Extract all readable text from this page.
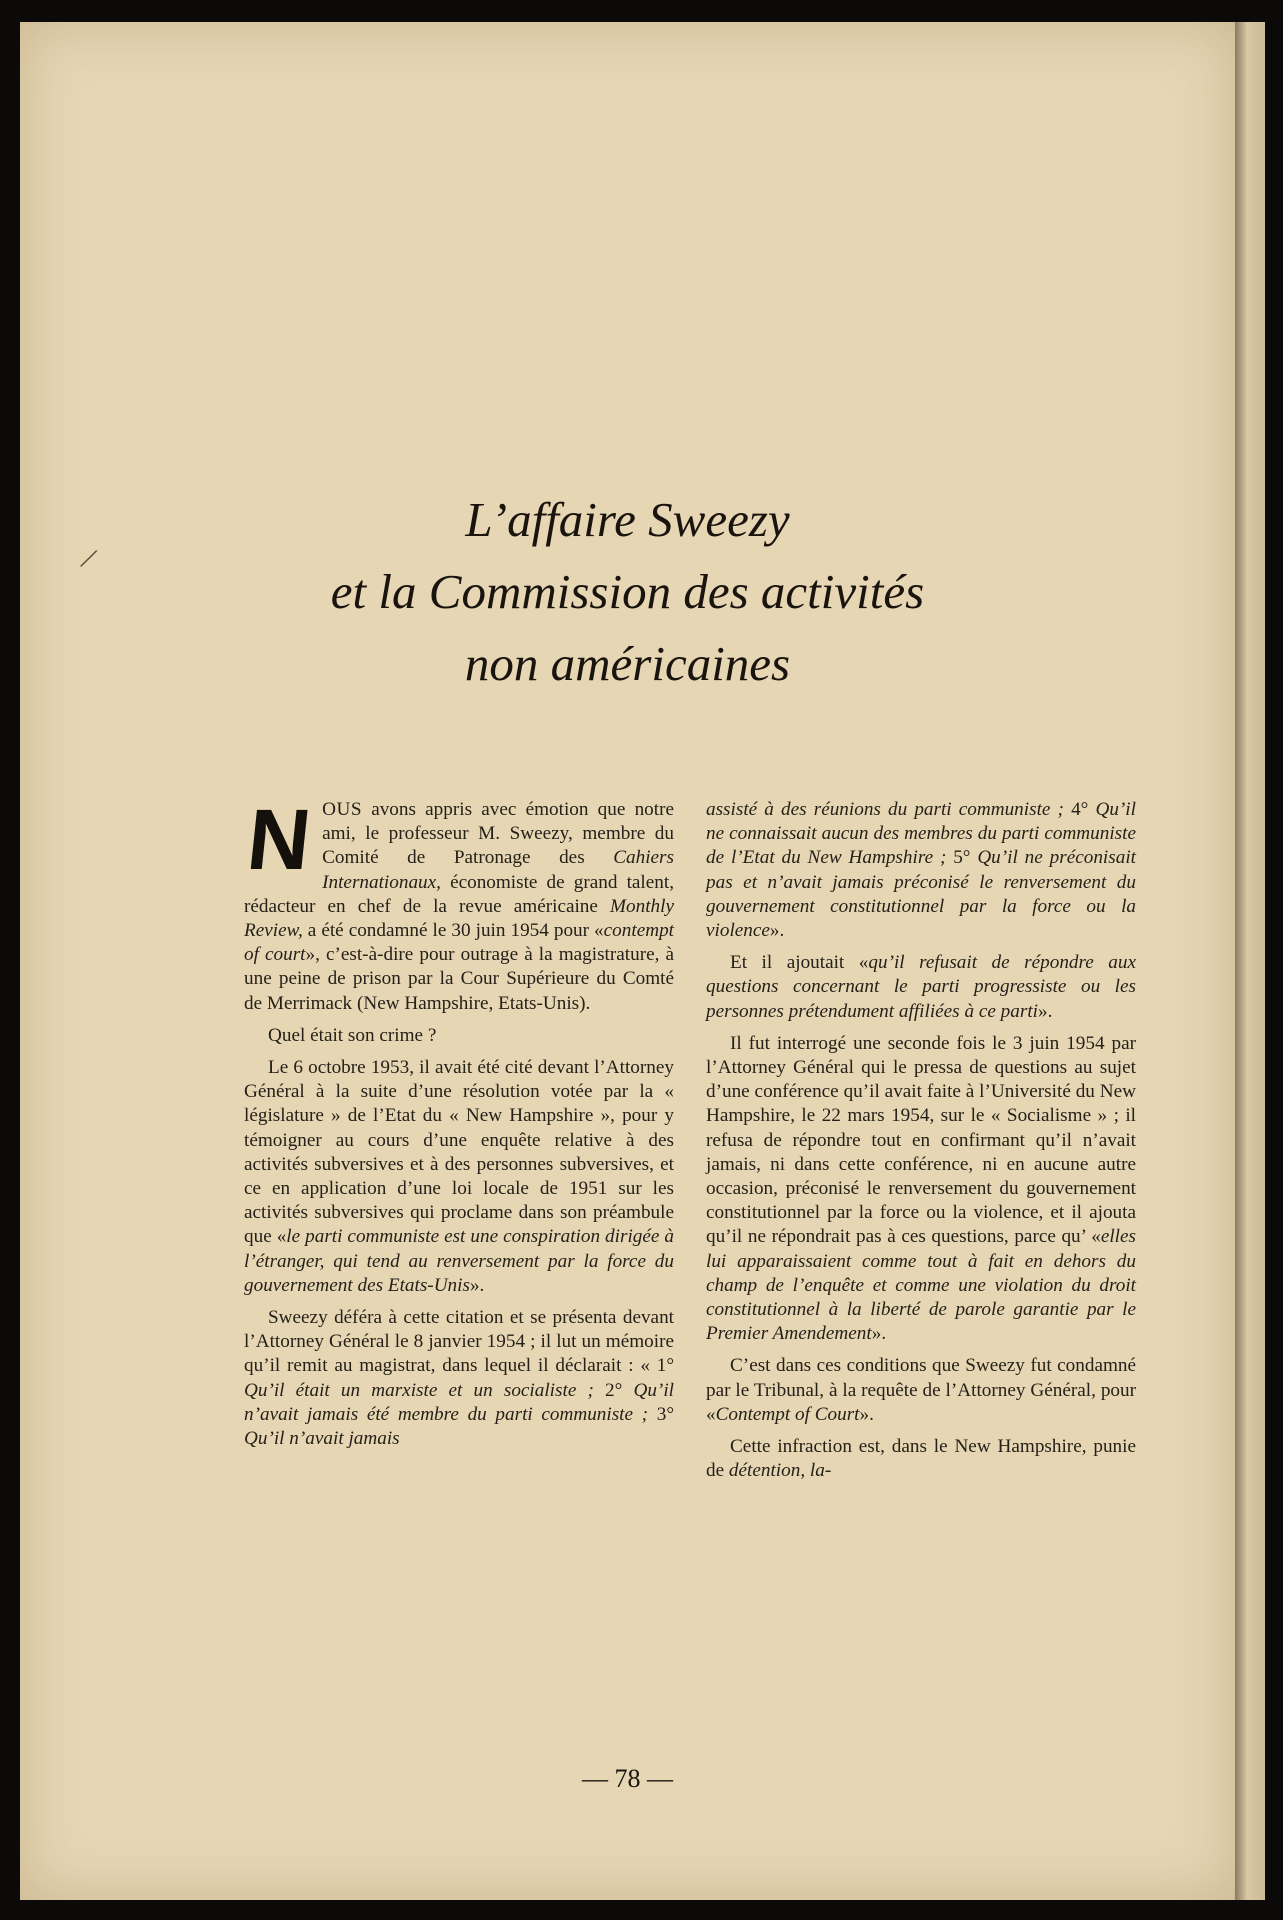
/
L’affaire Sweezy
et la Commission des activités
non américaines

NOUS avons appris avec émotion que notre ami, le professeur M. Sweezy, membre du Comité de Patronage des Cahiers Internationaux, économiste de grand talent, rédacteur en chef de la revue américaine Monthly Review, a été condamné le 30 juin 1954 pour «contempt of court», c’est-à-dire pour outrage à la magistrature, à une peine de prison par la Cour Supérieure du Comté de Merrimack (New Hampshire, Etats-Unis).

Quel était son crime ?

Le 6 octobre 1953, il avait été cité devant l’Attorney Général à la suite d’une résolution votée par la « législature » de l’Etat du « New Hampshire », pour y témoigner au cours d’une enquête relative à des activités subversives et à des personnes subversives, et ce en application d’une loi locale de 1951 sur les activités subversives qui proclame dans son préambule que «le parti communiste est une conspiration dirigée à l’étranger, qui tend au renversement par la force du gouvernement des Etats-Unis».

Sweezy déféra à cette citation et se présenta devant l’Attorney Général le 8 janvier 1954 ; il lut un mémoire qu’il remit au magistrat, dans lequel il déclarait : « 1° Qu’il était un marxiste et un socialiste ; 2° Qu’il n’avait jamais été membre du parti communiste ; 3° Qu’il n’avait jamais

assisté à des réunions du parti communiste ; 4° Qu’il ne connaissait aucun des membres du parti communiste de l’Etat du New Hampshire ; 5° Qu’il ne préconisait pas et n’avait jamais préconisé le renversement du gouvernement constitutionnel par la force ou la violence».

Et il ajoutait «qu’il refusait de répondre aux questions concernant le parti progressiste ou les personnes prétendument affiliées à ce parti».

Il fut interrogé une seconde fois le 3 juin 1954 par l’Attorney Général qui le pressa de questions au sujet d’une conférence qu’il avait faite à l’Université du New Hampshire, le 22 mars 1954, sur le « Socialisme » ; il refusa de répondre tout en confirmant qu’il n’avait jamais, ni dans cette conférence, ni en aucune autre occasion, préconisé le renversement du gouvernement constitutionnel par la force ou la violence, et il ajouta qu’il ne répondrait pas à ces questions, parce qu’ «elles lui apparaissaient comme tout à fait en dehors du champ de l’enquête et comme une violation du droit constitutionnel à la liberté de parole garantie par le Premier Amendement».

C’est dans ces conditions que Sweezy fut condamné par le Tribunal, à la requête de l’Attorney Général, pour «Contempt of Court».

Cette infraction est, dans le New Hampshire, punie de détention, la-

— 78 —
